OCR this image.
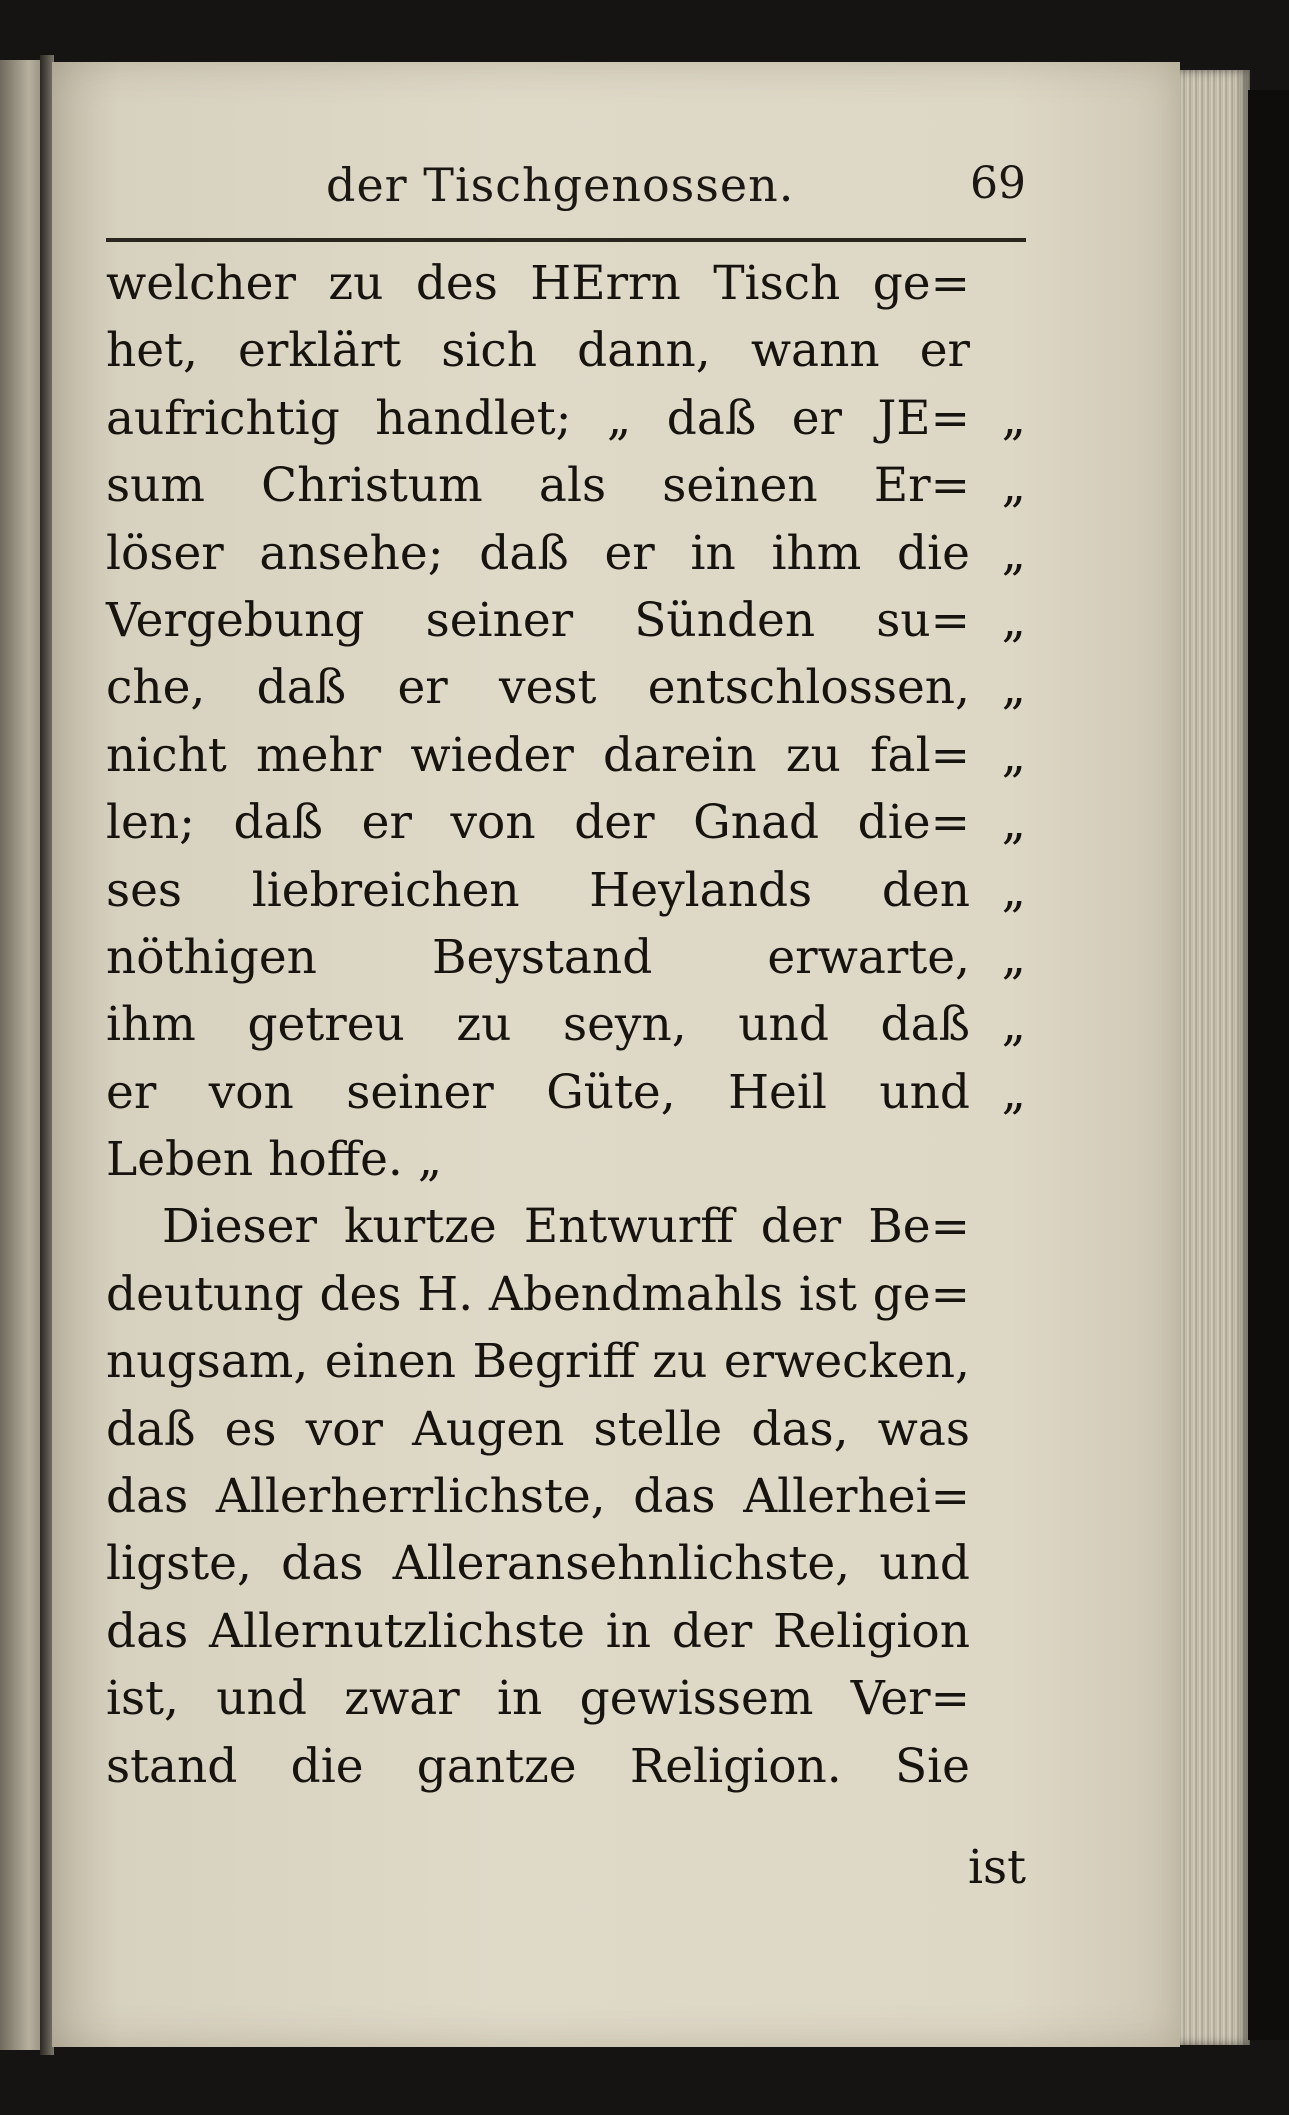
der Tischgenossen.	69
welcher zu des HErrn Tisch ge=
het, erklärt sich dann, wann er
aufrichtig handlet; „ daß er JE= „
sum Christum als seinen Er= „
löser ansehe; daß er in ihm die „
Vergebung seiner Sünden su= „
che, daß er vest entschlossen, „
nicht mehr wieder darein zu fal= „
len; daß er von der Gnad die= „
ses liebreichen Heylands den „
nöthigen Beystand erwarte, „
ihm getreu zu seyn, und daß „
er von seiner Güte, Heil und „
Leben hoffe. „
Dieser kurtze Entwurff der Be=
deutung des H. Abendmahls ist ge=
nugsam, einen Begriff zu erwecken,
daß es vor Augen stelle das, was
das Allerherrlichste, das Allerhei=
ligste, das Alleransehnlichste, und
das Allernutzlichste in der Religion
ist, und zwar in gewissem Ver=
stand die gantze Religion. Sie
ist
